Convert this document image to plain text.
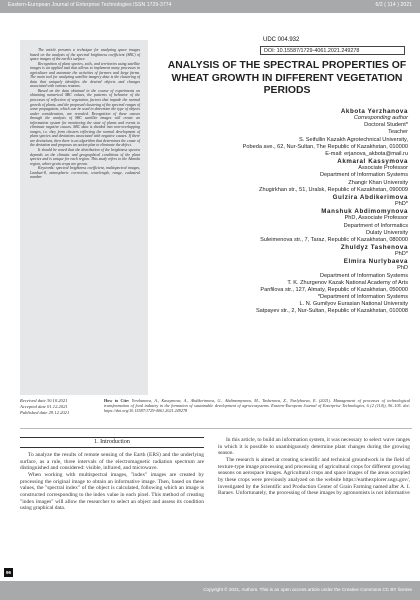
Eastern-European Journal of Enterprise Technologies ISSN 1729-3774	6/2 ( 114 ) 2021

The article presents a technique for analyzing space images based on the analysis of the spectral brightness coefficient (SBC) of space images of the earth's surface.

Recognition of plant species, soils, and territories using satellite images is an applied task that allows to implement many processes in agriculture and automate the activities of farmers and large farms. The main tool for analyzing satellite imagery data is the clustering of data that uniquely identifies the desired objects and changes associated with various reasons.

Based on the data obtained in the course of experiments on obtaining numerical SBC values, the patterns of behavior of the processes of reflection of vegetation, factors that impede the normal growth of plants, and the proposed clustering of the spectral ranges of wave propagation, which can be used to determine the type of objects under consideration, are revealed. Recognition of these causes through the analysis of SBC satellite images will create an information system for monitoring the state of plants and events to eliminate negative causes. SBC data is divided into non-overlapping ranges, i.e. they form clusters reflecting the normal development of plant species and deviations associated with negative causes. If there are deviations, then there is an algorithm that determines the cause of the deviation and proposes an action plan to eliminate the defect.

It should be noted that the distribution of the brightness spectra depends on the climatic and geographical conditions of the plant species and is unique for each region. This study refers to the Akmola region, where grain crops are grown.

Keywords: spectral brightness coefficient, multispectral images, Landsat-8, atmospheric correction, wavelength, range, cadastral number

UDC 004.932
DOI: 10.15587/1729-4061.2021.249278
ANALYSIS OF THE SPECTRAL PROPERTIES OF WHEAT GROWTH IN DIFFERENT VEGETATION PERIODS
Akbota Yerzhanova
Corresponding author
Doctoral Student*
Teacher
S. Seifullin Kazakh Agrotechnical University,
Pobeda ave., 62, Nur-Sultan, The Republic of Kazakhstan, 010000
E-mail: erjanova_akbota@mail.ru
Akmaral Kassymova
Associate Professor
Department of Information Systems
Zhangir Khan University
Zhugirkhan str., 51, Uralsk, Republic of Kazakhstan, 090009
Gulzira Abdikerimova
PhD*
Manshuk Abdimomynova
PhD, Associate Professor
Department of Informatics
Dulaty University
Suleimenova str., 7, Taraz, Republic of Kazakhstan, 080000
Zhuldyz Tashenova
PhD*
Elmira Nurlybaeva
PhD
Department of Information Systems
T. K. Zhurgenov Kazak National Academy of Arts
Panfilova str., 127, Almaty, Republic of Kazakhstan, 050000
*Department of Information Systems
L. N. Gumilyov Eurasian National University
Satpayev str., 2, Nur-Sultan, Republic of Kazakhstan, 010008
Received date 30.10.2021
Accepted date 01.12.2021
Published date 29.12.2021
How to Cite: Yerzhanova, A., Kassymova, A., Abdikerimova, G., Abdimomynova, M., Tashenova, Z., Nurlybaeva, E. (2021). Management of processes of technological transformation of food industry in the formation of sustainable development of agroecosystems. Eastern-European Journal of Enterprise Technologies, 6 (2 (114)), 96–105. doi: https://doi.org/10.15587/1729-4061.2021.249278
1. Introduction

To analyze the results of remote sensing of the Earth (ERS) and the underlying surface, as a rule, three intervals of the electromagnetic radiation spectrum are distinguished and considered: visible, infrared, and microwave.

When working with multispectral images, "index" images are created by processing the original image to obtain an informative image. Then, based on these values, the "spectral index" of the object is calculated, following which an image is constructed corresponding to the index value in each pixel. This method of creating "index images" will allow the researcher to select an object and assess its condition using graphical data.

In this article, to build an information system, it was necessary to select wave ranges in which it is possible to unambiguously determine plant changes during the growing season.

The research is aimed at creating scientific and technical groundwork in the field of texture-type image processing and processing of agricultural crops for different growing seasons on aerospace images. Agricultural crops and space images of the areas occupied by these crops were previously analyzed on the website https://earthexplorer.usgs.gov/, investigated by the Scientific and Production Center of Grain Farming named after A. I. Baraev. Unfortunately, the processing of these images by agronomists is not informative

96
Copyright © 2021, Authors. This is an open access article under the Creative Commons CC BY license
